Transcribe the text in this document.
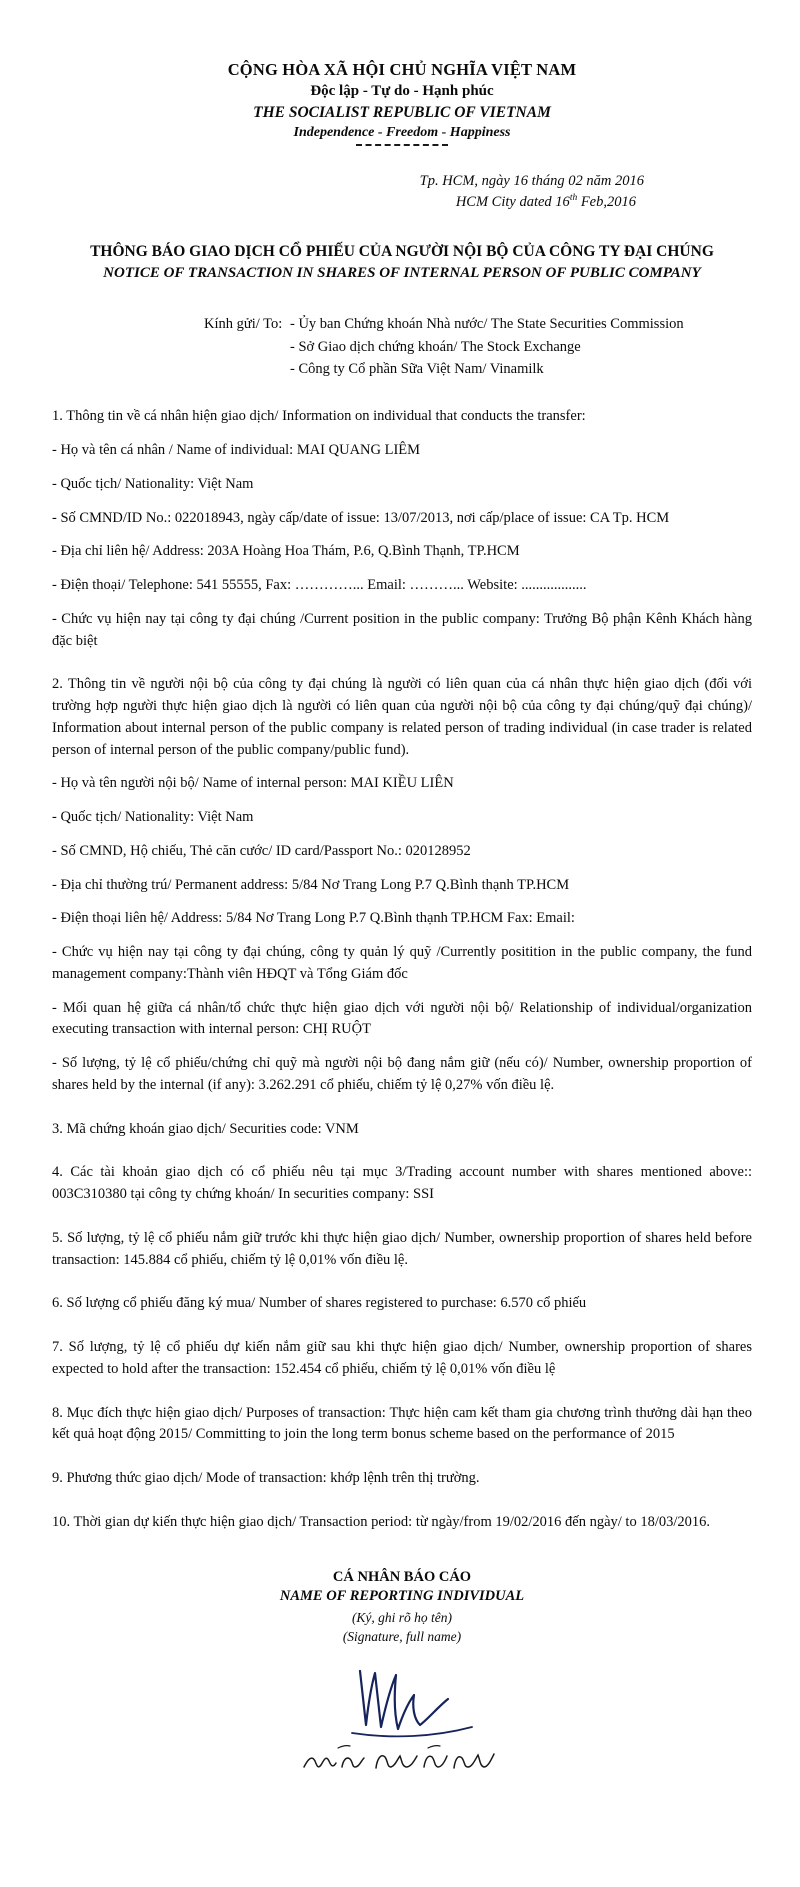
CỘNG HÒA XÃ HỘI CHỦ NGHĨA VIỆT NAM
Độc lập - Tự do - Hạnh phúc
THE SOCIALIST REPUBLIC OF VIETNAM
Independence - Freedom - Happiness
Tp. HCM, ngày 16 tháng 02 năm 2016
HCM City dated 16th Feb,2016
THÔNG BÁO GIAO DỊCH CỔ PHIẾU CỦA NGƯỜI NỘI BỘ CỦA CÔNG TY ĐẠI CHÚNG
NOTICE OF TRANSACTION IN SHARES OF INTERNAL PERSON OF PUBLIC COMPANY
Kính gửi/ To: - Ủy ban Chứng khoán Nhà nước/ The State Securities Commission
- Sở Giao dịch chứng khoán/ The Stock Exchange
- Công ty Cổ phần Sữa Việt Nam/ Vinamilk

1. Thông tin về cá nhân hiện giao dịch/ Information on individual that conducts the transfer:

- Họ và tên cá nhân / Name of individual: MAI QUANG LIÊM

- Quốc tịch/ Nationality: Việt Nam

- Số CMND/ID No.: 022018943, ngày cấp/date of issue: 13/07/2013, nơi cấp/place of issue: CA Tp. HCM

- Địa chỉ liên hệ/ Address: 203A Hoàng Hoa Thám, P.6, Q.Bình Thạnh, TP.HCM

- Điện thoại/ Telephone: 541 55555, Fax: …………... Email: ………... Website: ..................

- Chức vụ hiện nay tại công ty đại chúng /Current position in the public company: Trưởng Bộ phận Kênh Khách hàng đặc biệt

2. Thông tin về người nội bộ của công ty đại chúng là người có liên quan của cá nhân thực hiện giao dịch (đối với trường hợp người thực hiện giao dịch là người có liên quan của người nội bộ của công ty đại chúng/quỹ đại chúng)/ Information about internal person of the public company is related person of trading individual (in case trader is related person of internal person of the public company/public fund).

- Họ và tên người nội bộ/ Name of internal person: MAI KIỀU LIÊN

- Quốc tịch/ Nationality: Việt Nam

- Số CMND, Hộ chiếu, Thẻ căn cước/ ID card/Passport No.: 020128952

- Địa chỉ thường trú/ Permanent address: 5/84 Nơ Trang Long P.7 Q.Bình thạnh TP.HCM

- Điện thoại liên hệ/ Address: 5/84 Nơ Trang Long P.7 Q.Bình thạnh TP.HCM Fax: Email:

- Chức vụ hiện nay tại công ty đại chúng, công ty quản lý quỹ /Currently positition in the public company, the fund management company:Thành viên HĐQT và Tổng Giám đốc

- Mối quan hệ giữa cá nhân/tổ chức thực hiện giao dịch với người nội bộ/ Relationship of individual/organization executing transaction with internal person: CHỊ RUỘT

- Số lượng, tỷ lệ cổ phiếu/chứng chỉ quỹ mà người nội bộ đang nắm giữ (nếu có)/ Number, ownership proportion of shares held by the internal (if any): 3.262.291 cổ phiếu, chiếm tỷ lệ 0,27% vốn điều lệ.

3. Mã chứng khoán giao dịch/ Securities code: VNM

4. Các tài khoản giao dịch có cổ phiếu nêu tại mục 3/Trading account number with shares mentioned above:: 003C310380 tại công ty chứng khoán/ In securities company: SSI

5. Số lượng, tỷ lệ cổ phiếu nắm giữ trước khi thực hiện giao dịch/ Number, ownership proportion of shares held before transaction: 145.884 cổ phiếu, chiếm tỷ lệ 0,01% vốn điều lệ.

6. Số lượng cổ phiếu đăng ký mua/ Number of shares registered to purchase: 6.570 cổ phiếu

7. Số lượng, tỷ lệ cổ phiếu dự kiến nắm giữ sau khi thực hiện giao dịch/ Number, ownership proportion of shares expected to hold after the transaction: 152.454 cổ phiếu, chiếm tỷ lệ 0,01% vốn điều lệ

8. Mục đích thực hiện giao dịch/ Purposes of transaction: Thực hiện cam kết tham gia chương trình thưởng dài hạn theo kết quả hoạt động 2015/ Committing to join the long term bonus scheme based on the performance of 2015

9. Phương thức giao dịch/ Mode of transaction: khớp lệnh trên thị trường.

10. Thời gian dự kiến thực hiện giao dịch/ Transaction period: từ ngày/from 19/02/2016 đến ngày/ to 18/03/2016.

CÁ NHÂN BÁO CÁO
NAME OF REPORTING INDIVIDUAL
(Ký, ghi rõ họ tên)
(Signature, full name)
